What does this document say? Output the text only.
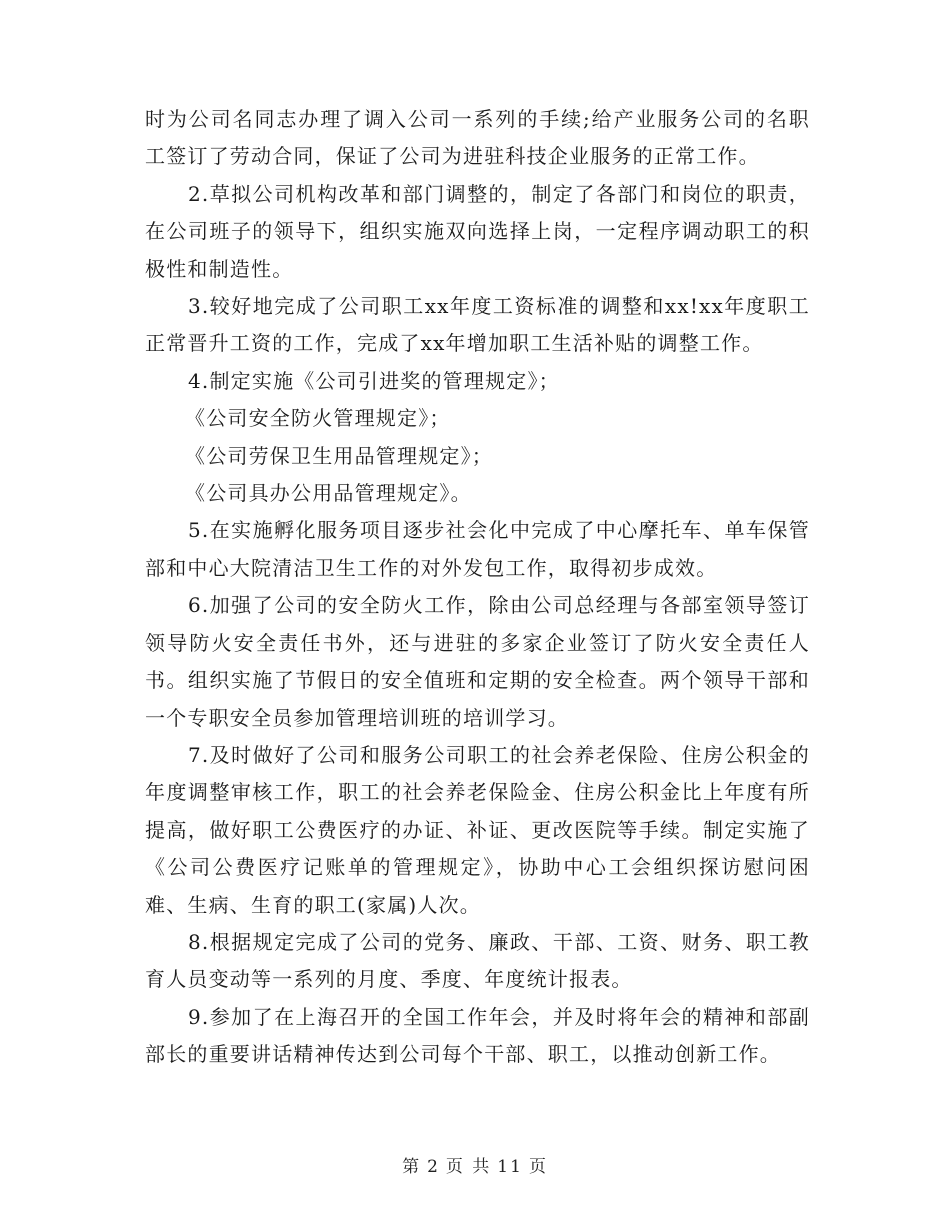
时为公司名同志办理了调入公司一系列的手续;给产业服务公司的名职工签订了劳动合同，保证了公司为进驻科技企业服务的正常工作。

2.草拟公司机构改革和部门调整的，制定了各部门和岗位的职责，在公司班子的领导下，组织实施双向选择上岗，一定程序调动职工的积极性和制造性。

3.较好地完成了公司职工xx年度工资标准的调整和xx!xx年度职工正常晋升工资的工作，完成了xx年增加职工生活补贴的调整工作。

4.制定实施《公司引进奖的管理规定》；

《公司安全防火管理规定》；

《公司劳保卫生用品管理规定》；

《公司具办公用品管理规定》。

5.在实施孵化服务项目逐步社会化中完成了中心摩托车、单车保管部和中心大院清洁卫生工作的对外发包工作，取得初步成效。

6.加强了公司的安全防火工作，除由公司总经理与各部室领导签订领导防火安全责任书外，还与进驻的多家企业签订了防火安全责任人书。组织实施了节假日的安全值班和定期的安全检查。两个领导干部和一个专职安全员参加管理培训班的培训学习。

7.及时做好了公司和服务公司职工的社会养老保险、住房公积金的年度调整审核工作，职工的社会养老保险金、住房公积金比上年度有所提高，做好职工公费医疗的办证、补证、更改医院等手续。制定实施了《公司公费医疗记账单的管理规定》，协助中心工会组织探访慰问困难、生病、生育的职工(家属)人次。

8.根据规定完成了公司的党务、廉政、干部、工资、财务、职工教育人员变动等一系列的月度、季度、年度统计报表。

9.参加了在上海召开的全国工作年会，并及时将年会的精神和部副部长的重要讲话精神传达到公司每个干部、职工，以推动创新工作。

第 2 页 共 11 页
